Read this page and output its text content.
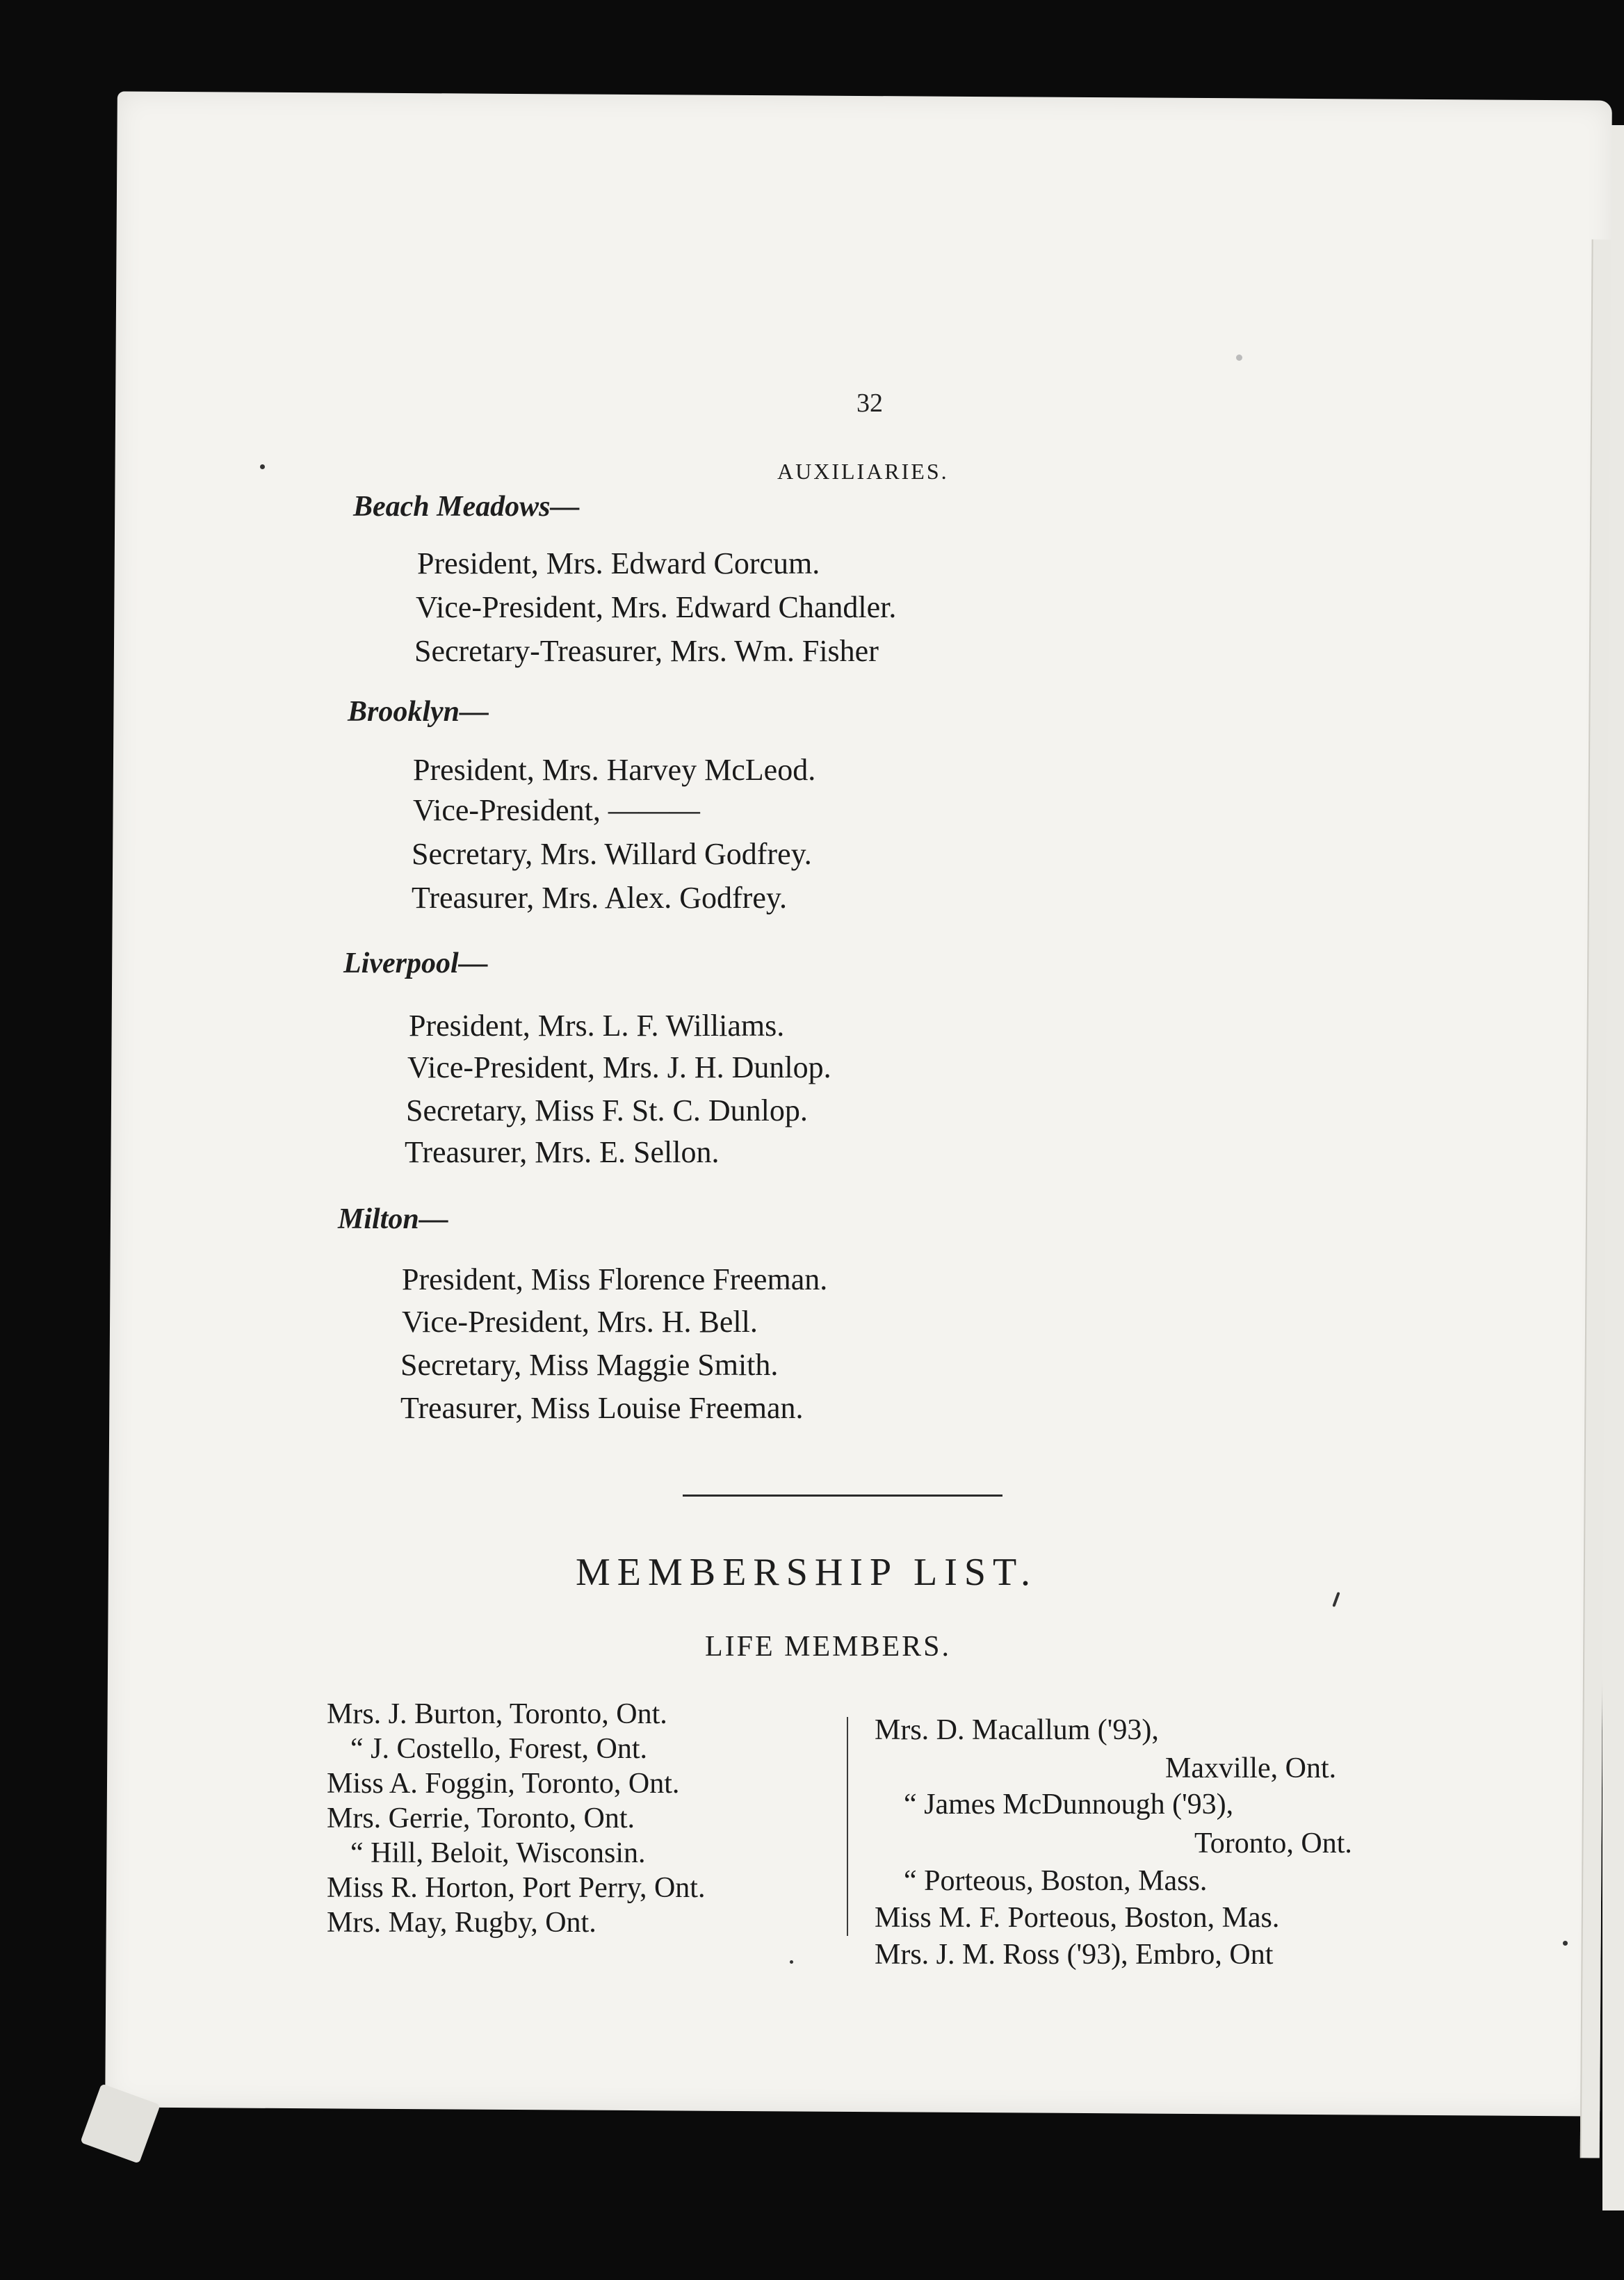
32
AUXILIARIES.
Beach Meadows—
President, Mrs. Edward Corcum.
Vice-President, Mrs. Edward Chandler.
Secretary-Treasurer, Mrs. Wm. Fisher
Brooklyn—
President, Mrs. Harvey McLeod.
Vice-President, ———
Secretary, Mrs. Willard Godfrey.
Treasurer, Mrs. Alex. Godfrey.
Liverpool—
President, Mrs. L. F. Williams.
Vice-President, Mrs. J. H. Dunlop.
Secretary, Miss F. St. C. Dunlop.
Treasurer, Mrs. E. Sellon.
Milton—
President, Miss Florence Freeman.
Vice-President, Mrs. H. Bell.
Secretary, Miss Maggie Smith.
Treasurer, Miss Louise Freeman.
MEMBERSHIP LIST.
LIFE MEMBERS.
Mrs. J. Burton, Toronto, Ont.
“ J. Costello, Forest, Ont.
Miss A. Foggin, Toronto, Ont.
Mrs. Gerrie, Toronto, Ont.
“ Hill, Beloit, Wisconsin.
Miss R. Horton, Port Perry, Ont.
Mrs. May, Rugby, Ont.
Mrs. D. Macallum ('93),
Maxville, Ont.
“ James McDunnough ('93),
Toronto, Ont.
“ Porteous, Boston, Mass.
Miss M. F. Porteous, Boston, Mas.
Mrs. J. M. Ross ('93), Embro, Ont
